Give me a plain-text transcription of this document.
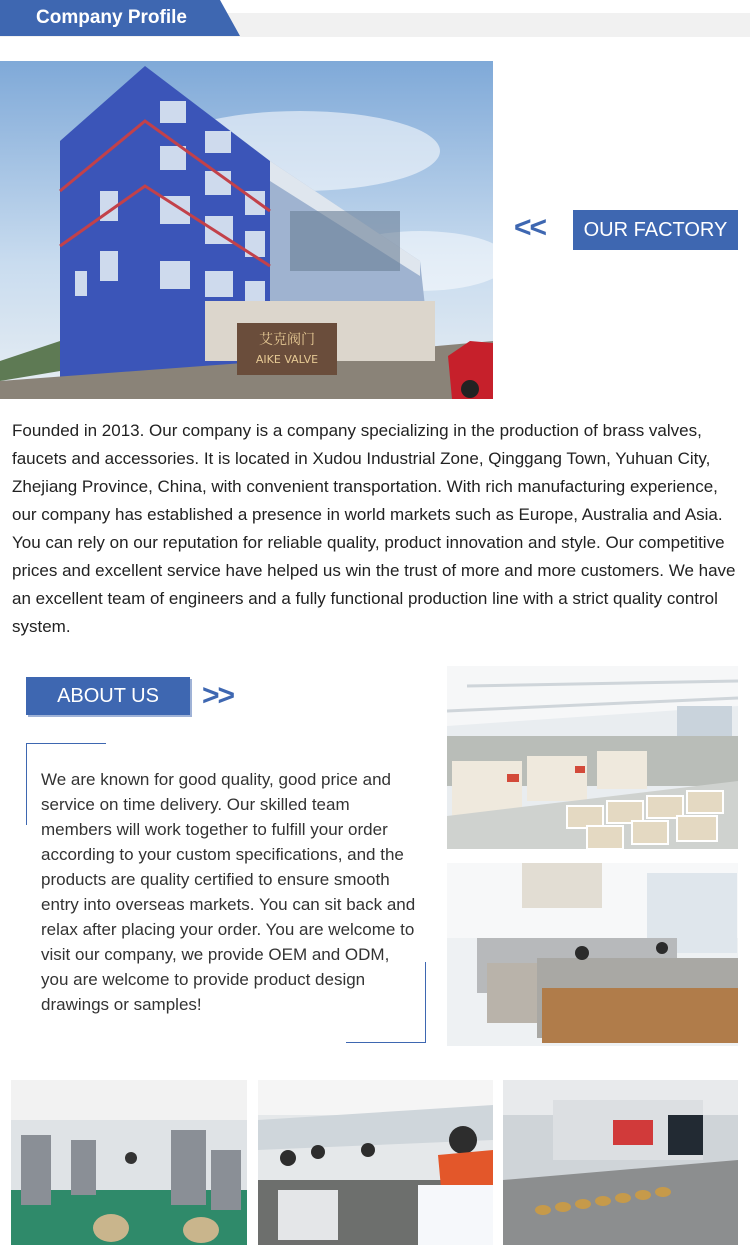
Company Profile
艾克阀门
AIKE VALVE
<<	OUR FACTORY
Founded in 2013. Our company is a company specializing in the production of brass valves, faucets and accessories. It is located in Xudou Industrial Zone, Qinggang Town, Yuhuan City, Zhejiang Province, China, with convenient transportation. With rich manufacturing experience, our company has established a presence in world markets such as Europe, Australia and Asia. You can rely on our reputation for reliable quality, product innovation and style. Our competitive prices and excellent service have helped us win the trust of more and more customers. We have an excellent team of engineers and a fully functional production line with a strict quality control system.
ABOUT US	>>
We are known for good quality, good price and service on time delivery. Our skilled team members will work together to fulfill your order according to your custom specifications, and the products are quality certified to ensure smooth entry into overseas markets. You can sit back and relax after placing your order. You are welcome to visit our company, we provide OEM and ODM, you are welcome to provide product design drawings or samples!
